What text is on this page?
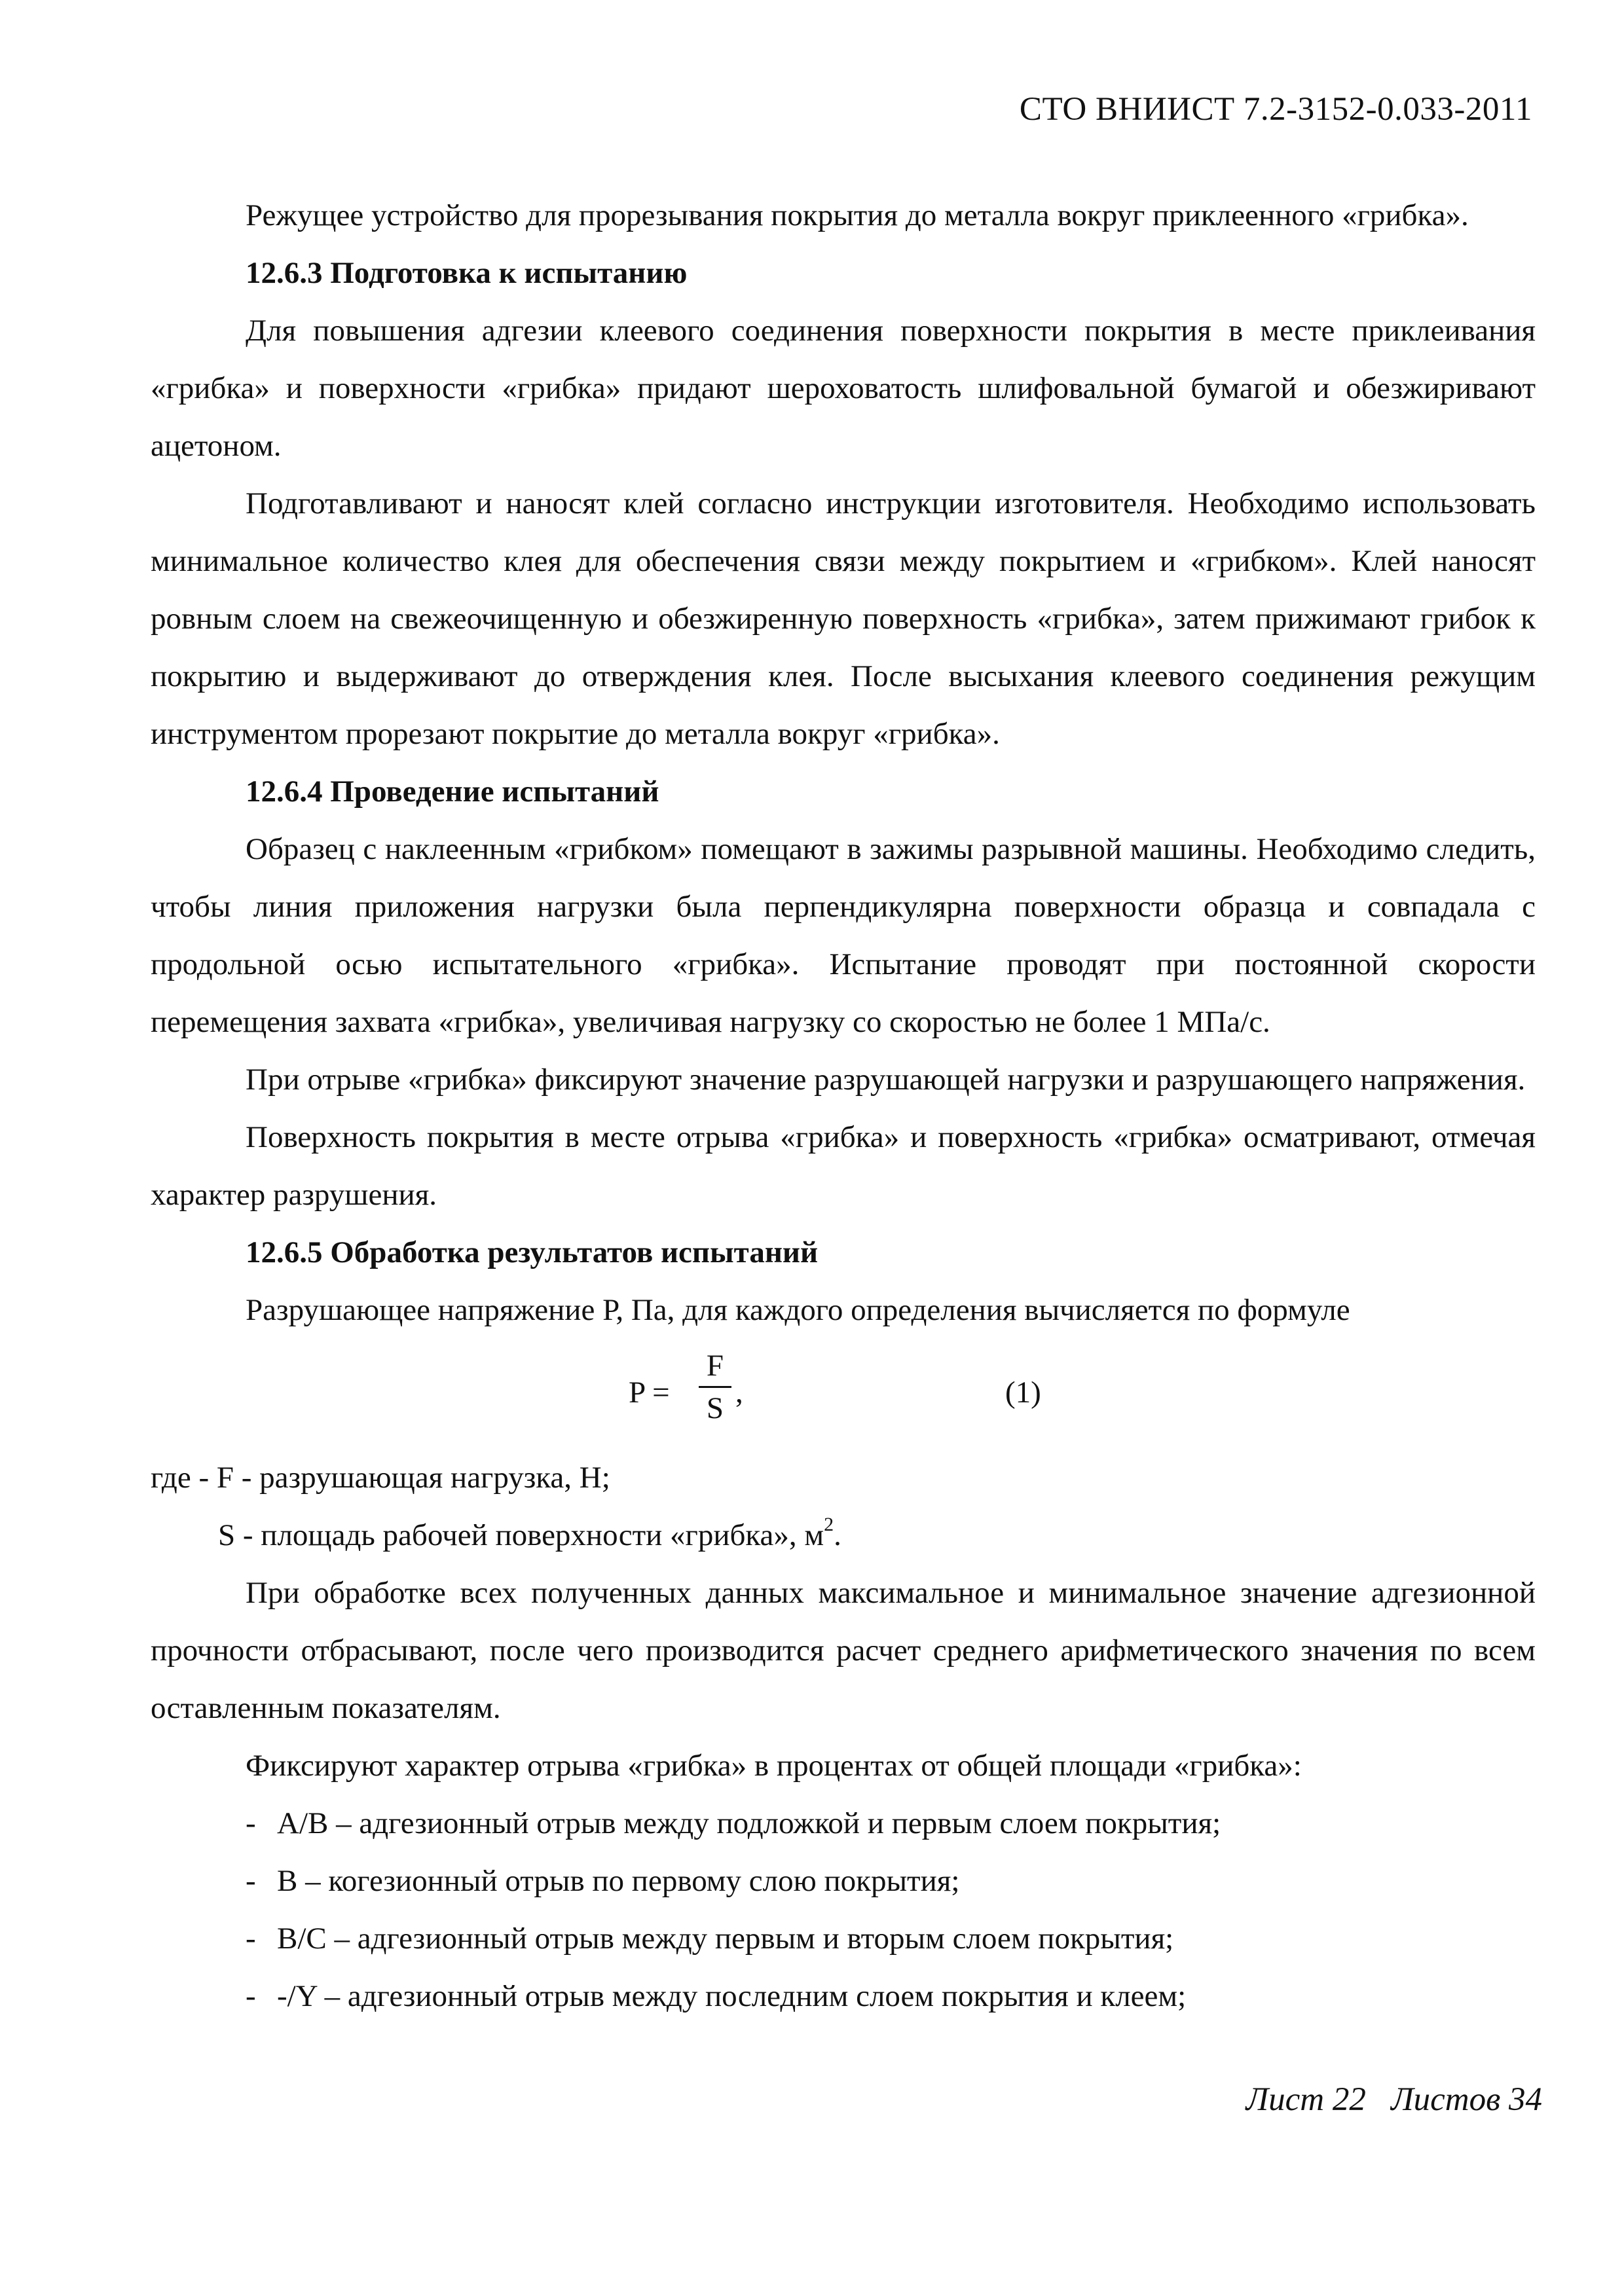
СТО ВНИИСТ 7.2-3152-0.033-2011

Режущее устройство для прорезывания покрытия до металла вокруг приклеенного «грибка».

12.6.3 Подготовка к испытанию

Для повышения адгезии клеевого соединения поверхности покрытия в месте приклеивания «грибка» и поверхности «грибка» придают шероховатость шлифовальной бумагой и обезжиривают ацетоном.

Подготавливают и наносят клей согласно инструкции изготовителя. Необходимо использовать минимальное количество клея для обеспечения связи между покрытием и «грибком». Клей наносят ровным слоем на свежеочищенную и обезжиренную поверхность «грибка», затем прижимают грибок к покрытию и выдерживают до отверждения клея. После высыхания клеевого соединения режущим инструментом прорезают покрытие до металла вокруг «грибка».

12.6.4 Проведение испытаний

Образец с наклеенным «грибком» помещают в зажимы разрывной машины. Необходимо следить, чтобы линия приложения нагрузки была перпендикулярна поверхности образца и совпадала с продольной осью испытательного «грибка». Испытание проводят при постоянной скорости перемещения захвата «грибка», увеличивая нагрузку со скоростью не более 1 МПа/с.

При отрыве «грибка» фиксируют значение разрушающей нагрузки и разрушающего напряжения.

Поверхность покрытия в месте отрыва «грибка» и поверхность «грибка» осматривают, отмечая характер разрушения.

12.6.5 Обработка результатов испытаний

Разрушающее напряжение Р, Па, для каждого определения вычисляется по формуле

P =
F
S ,	(1)

где - F - разрушающая нагрузка, Н;

S - площадь рабочей поверхности «грибка», $м^2$.

При обработке всех полученных данных максимальное и минимальное значение адгезионной прочности отбрасывают, после чего производится расчет среднего арифметического значения по всем оставленным показателям.

Фиксируют характер отрыва «грибка» в процентах от общей площади «грибка»:

- А/В – адгезионный отрыв между подложкой и первым слоем покрытия;

- В – когезионный отрыв по первому слою покрытия;

- В/С – адгезионный отрыв между первым и вторым слоем покрытия;

- -/Y – адгезионный отрыв между последним слоем покрытия и клеем;

Лист 22 Листов 34
